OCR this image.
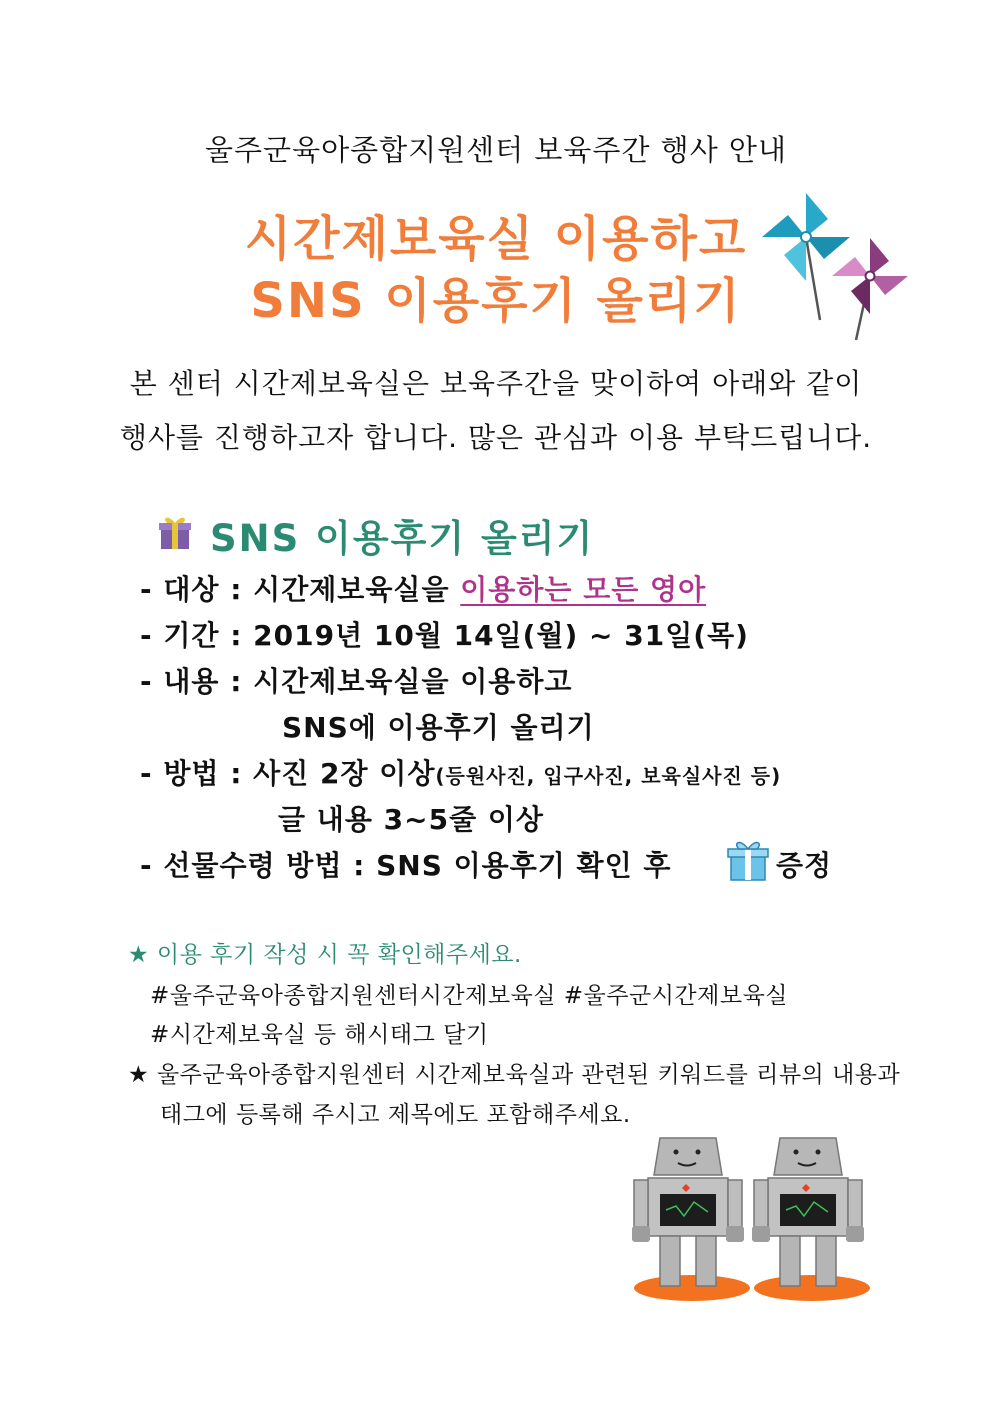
울주군육아종합지원센터 보육주간 행사 안내
시간제보육실 이용하고
SNS 이용후기 올리기
본 센터 시간제보육실은 보육주간을 맞이하여 아래와 같이
행사를 진행하고자 합니다. 많은 관심과 이용 부탁드립니다.
SNS 이용후기 올리기
- 대상 : 시간제보육실을 이용하는 모든 영아
- 기간 : 2019년 10월 14일(월) ~ 31일(목)
- 내용 : 시간제보육실을 이용하고
SNS에 이용후기 올리기
- 방법 : 사진 2장 이상(등원사진, 입구사진, 보육실사진 등)
글 내용 3~5줄 이상
- 선물수령 방법 : SNS 이용후기 확인 후	증정
★ 이용 후기 작성 시 꼭 확인해주세요.
#울주군육아종합지원센터시간제보육실 #울주군시간제보육실
#시간제보육실 등 해시태그 달기
★ 울주군육아종합지원센터 시간제보육실과 관련된 키워드를 리뷰의 내용과
태그에 등록해 주시고 제목에도 포함해주세요.
